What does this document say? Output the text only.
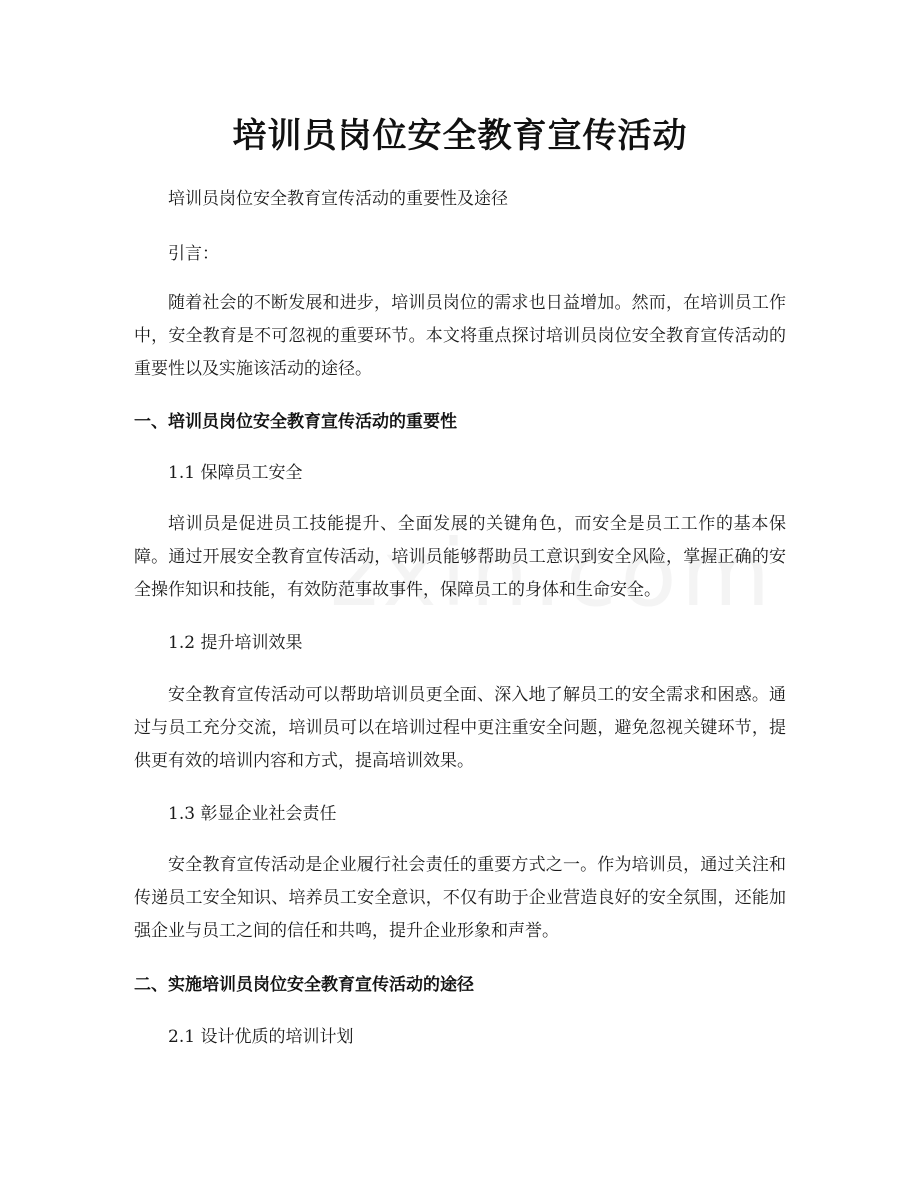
培训员岗位安全教育宣传活动
培训员岗位安全教育宣传活动的重要性及途径
引言：
随着社会的不断发展和进步，培训员岗位的需求也日益增加。然而，在培训员工作中，安全教育是不可忽视的重要环节。本文将重点探讨培训员岗位安全教育宣传活动的重要性以及实施该活动的途径。
一、培训员岗位安全教育宣传活动的重要性
1.1 保障员工安全
培训员是促进员工技能提升、全面发展的关键角色，而安全是员工工作的基本保障。通过开展安全教育宣传活动，培训员能够帮助员工意识到安全风险，掌握正确的安全操作知识和技能，有效防范事故事件，保障员工的身体和生命安全。
1.2 提升培训效果
安全教育宣传活动可以帮助培训员更全面、深入地了解员工的安全需求和困惑。通过与员工充分交流，培训员可以在培训过程中更注重安全问题，避免忽视关键环节，提供更有效的培训内容和方式，提高培训效果。
1.3 彰显企业社会责任
安全教育宣传活动是企业履行社会责任的重要方式之一。作为培训员，通过关注和传递员工安全知识、培养员工安全意识，不仅有助于企业营造良好的安全氛围，还能加强企业与员工之间的信任和共鸣，提升企业形象和声誉。
二、实施培训员岗位安全教育宣传活动的途径
2.1 设计优质的培训计划
